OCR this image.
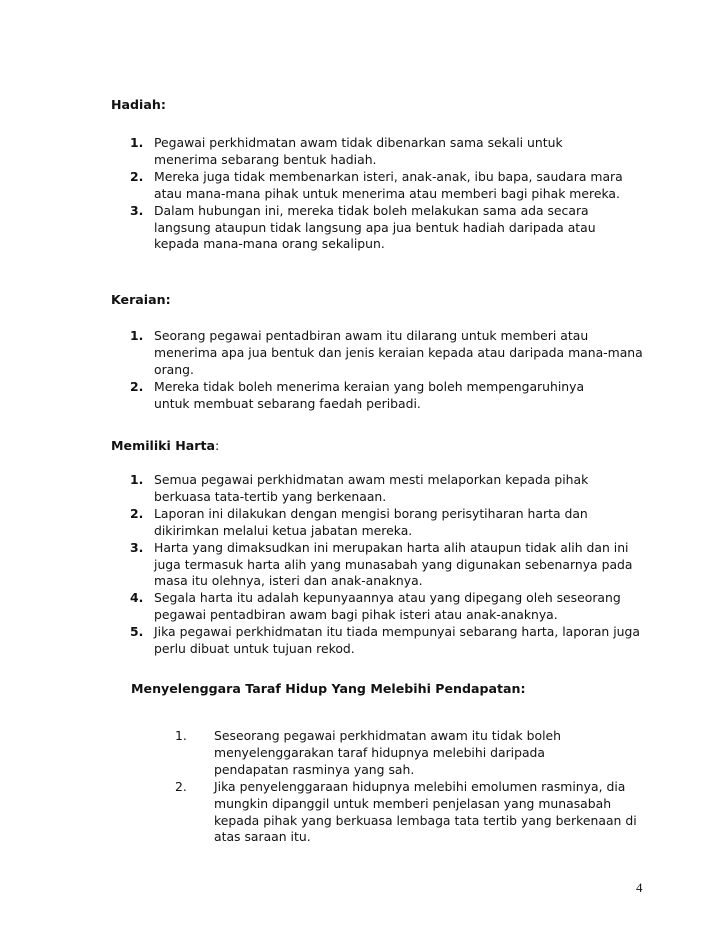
Hadiah:
1. Pegawai perkhidmatan awam tidak dibenarkan sama sekali untuk menerima sebarang bentuk hadiah.
2. Mereka juga tidak membenarkan isteri, anak-anak, ibu bapa, saudara mara atau mana-mana pihak untuk menerima atau memberi bagi pihak mereka.
3. Dalam hubungan ini, mereka tidak boleh melakukan sama ada secara langsung ataupun tidak langsung apa jua bentuk hadiah daripada atau kepada mana-mana orang sekalipun.
Keraian:
1. Seorang pegawai pentadbiran awam itu dilarang untuk memberi atau menerima apa jua bentuk dan jenis keraian kepada atau daripada mana-mana orang.
2. Mereka tidak boleh menerima keraian yang boleh mempengaruhinya untuk membuat sebarang faedah peribadi.
Memiliki Harta:
1. Semua pegawai perkhidmatan awam mesti melaporkan kepada pihak berkuasa tata-tertib yang berkenaan.
2. Laporan ini dilakukan dengan mengisi borang perisytiharan harta dan dikirimkan melalui ketua jabatan mereka.
3. Harta yang dimaksudkan ini merupakan harta alih ataupun tidak alih dan ini juga termasuk harta alih yang munasabah yang digunakan sebenarnya pada masa itu olehnya, isteri dan anak-anaknya.
4. Segala harta itu adalah kepunyaannya atau yang dipegang oleh seseorang pegawai pentadbiran awam bagi pihak isteri atau anak-anaknya.
5. Jika pegawai perkhidmatan itu tiada mempunyai sebarang harta, laporan juga perlu dibuat untuk tujuan rekod.
Menyelenggara Taraf Hidup Yang Melebihi Pendapatan:
1. Seseorang pegawai perkhidmatan awam itu tidak boleh menyelenggarakan taraf hidupnya melebihi daripada pendapatan rasminya yang sah.
2. Jika penyelenggaraan hidupnya melebihi emolumen rasminya, dia mungkin dipanggil untuk memberi penjelasan yang munasabah kepada pihak yang berkuasa lembaga tata tertib yang berkenaan di atas saraan itu.
4
